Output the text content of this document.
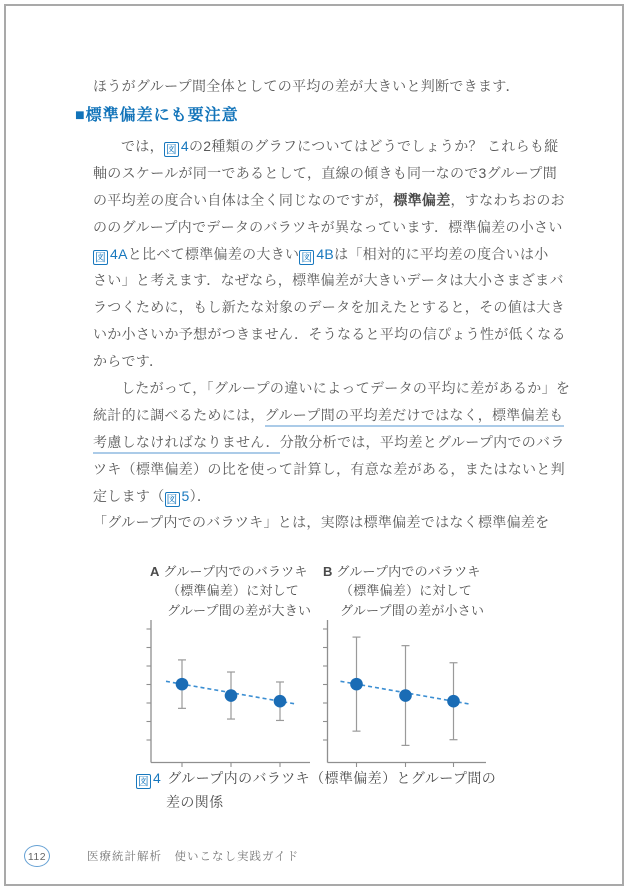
ほうがグループ間全体としての平均の差が大きいと判断できます．
■標準偏差にも要注意
では， 図 4の2種類のグラフについてはどうでしょうか？ これらも縦
軸のスケールが同一であるとして，直線の傾きも同一なので3グループ間
の平均差の度合い自体は全く同じなのですが，標準偏差，すなわちおのお
ののグループ内でデータのバラツキが異なっています．標準偏差の小さい
図 4Aと比べて標準偏差の大きい 図 4Bは「相対的に平均差の度合いは小
さい」と考えます．なぜなら，標準偏差が大きいデータは大小さまざまバ
ラつくために，もし新たな対象のデータを加えたとすると，その値は大き
いか小さいか予想がつきません．そうなると平均の信ぴょう性が低くなる
からです．
したがって，「グループの違いによってデータの平均に差があるか」を
統計的に調べるためには，グループ間の平均差だけではなく，標準偏差も
考慮しなければなりません．分散分析では，平均差とグループ内でのバラ
ツキ（標準偏差）の比を使って計算し，有意な差がある，またはないと判
定します（ 図 5）．
「グループ内でのバラツキ」とは，実際は標準偏差ではなく標準偏差を
A グループ内でのバラツキ
（標準偏差）に対して
グループ間の差が大きい
B グループ内でのバラツキ
（標準偏差）に対して
グループ間の差が小さい
図 4 グループ内のバラツキ（標準偏差）とグループ間の
差の関係
112	医療統計解析　使いこなし実践ガイド
